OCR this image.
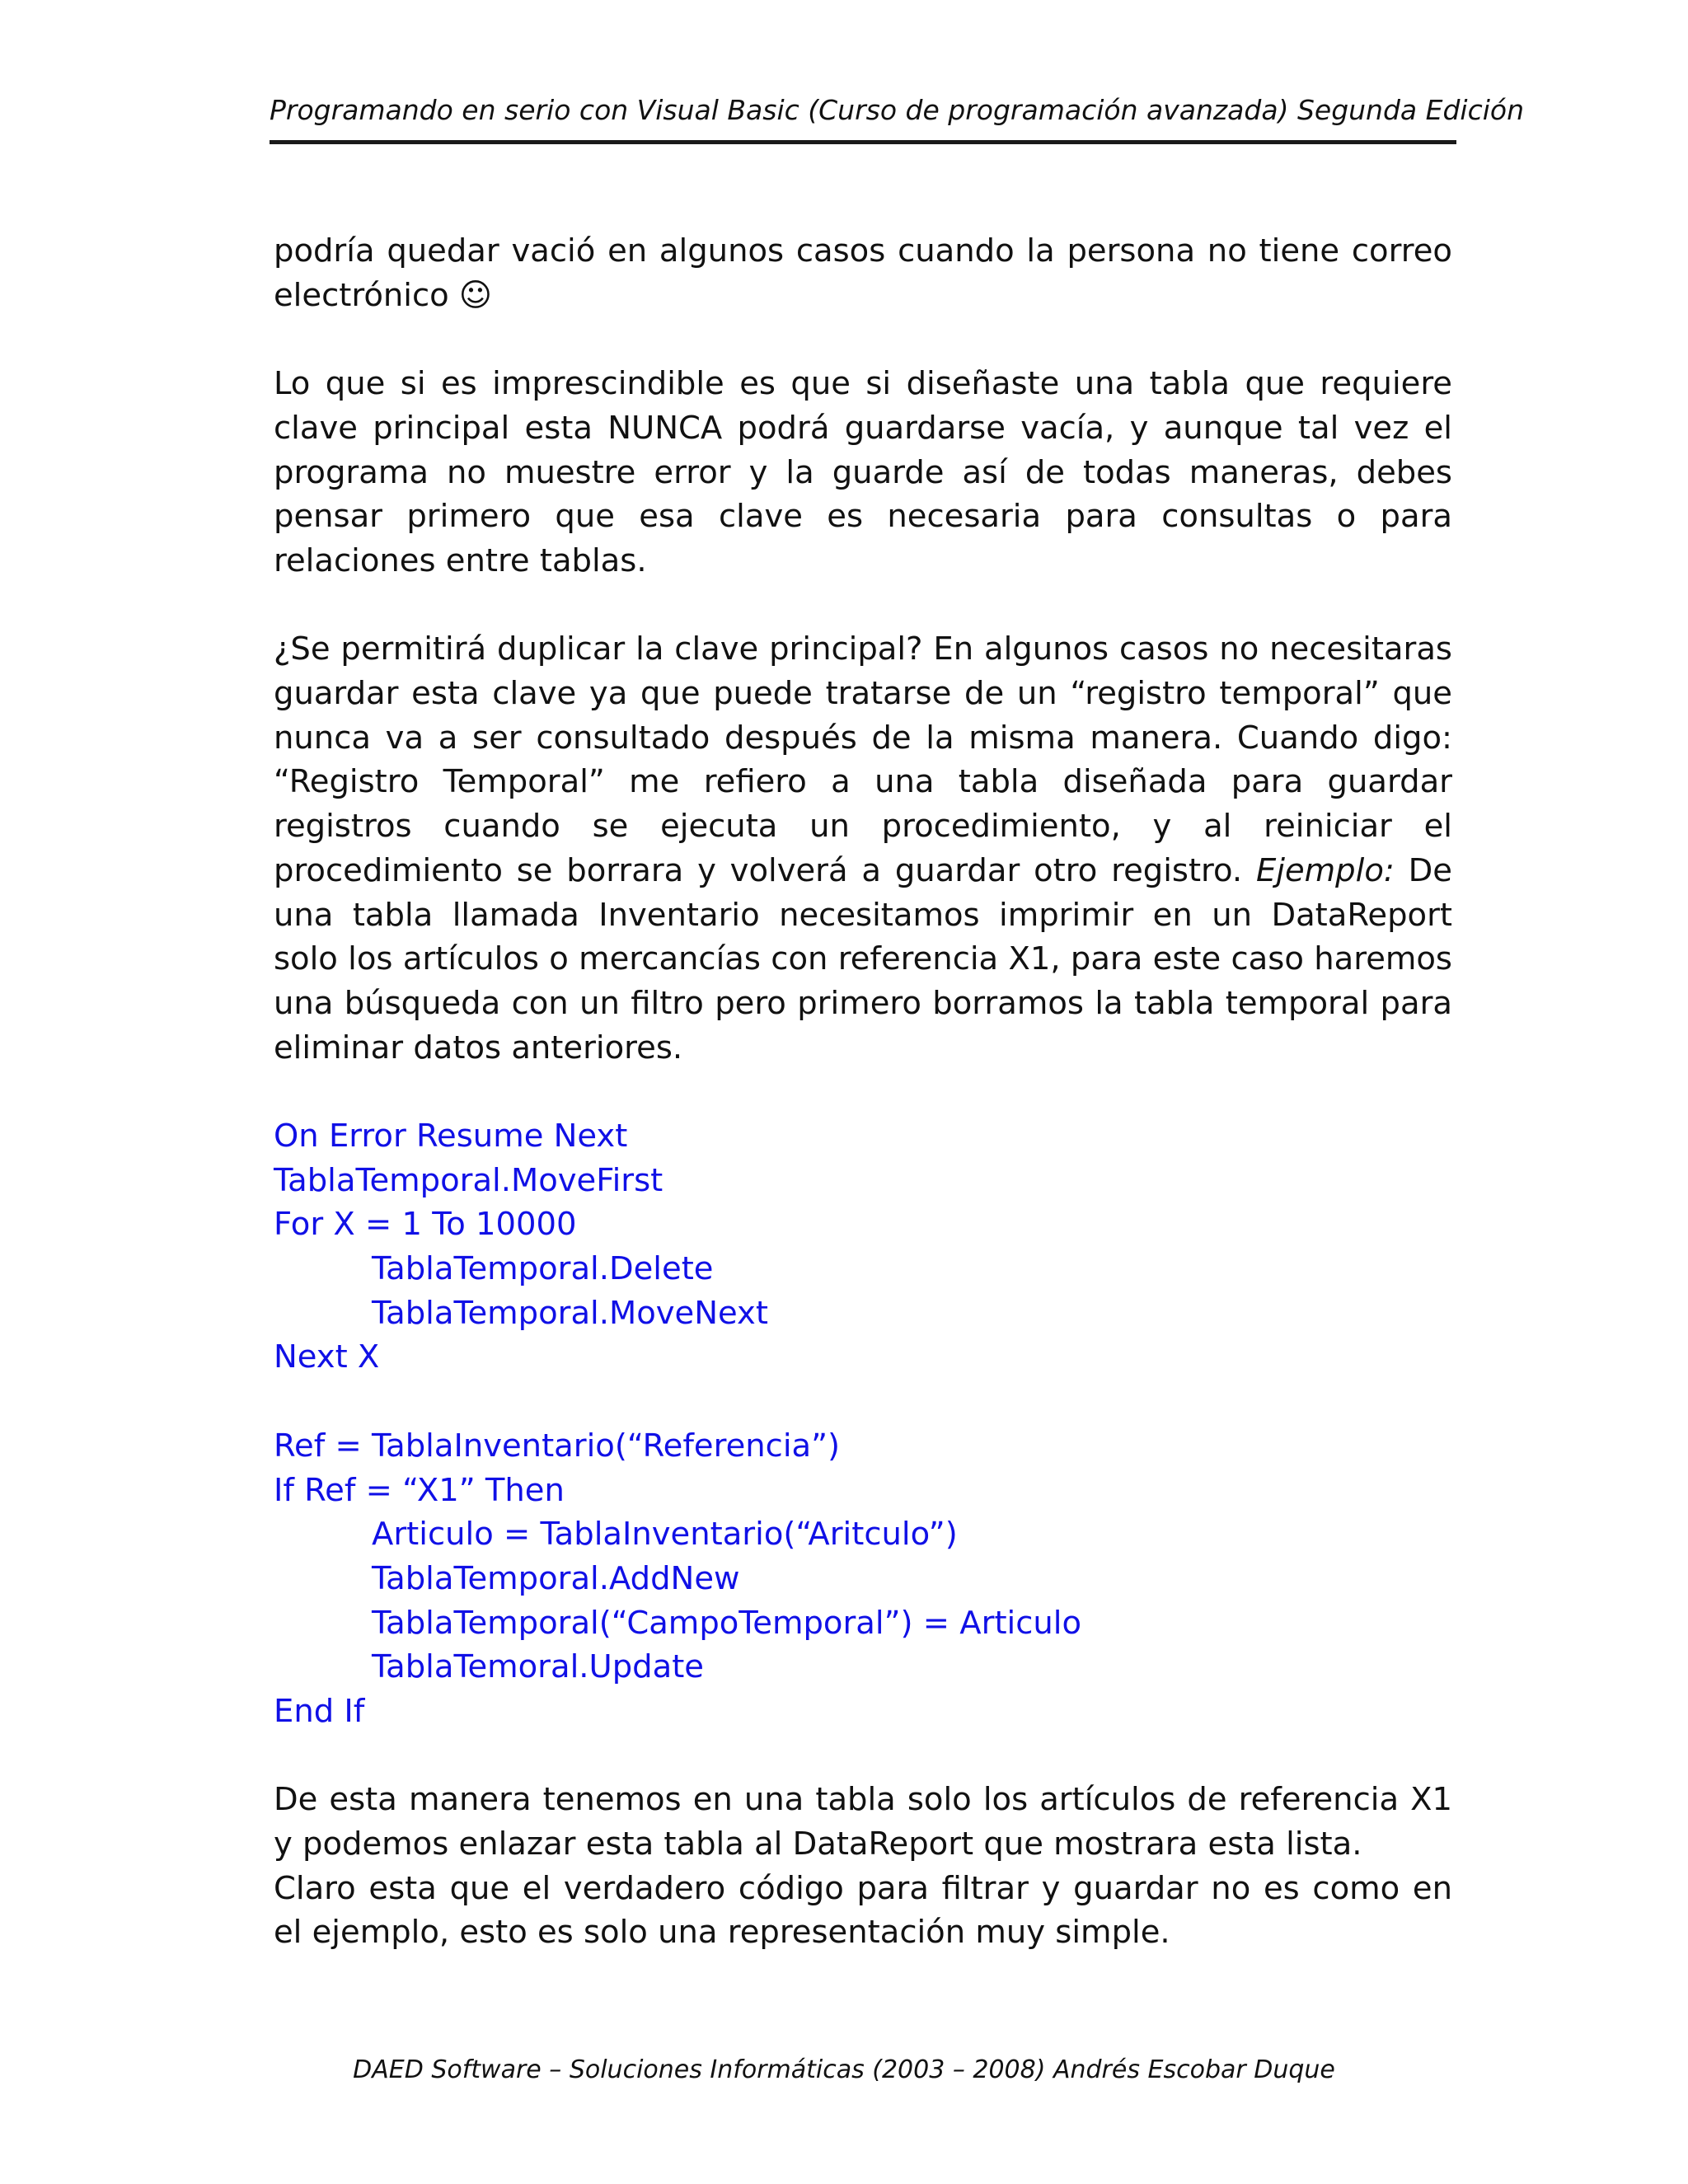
Programando en serio con Visual Basic (Curso de programación avanzada) Segunda Edición

podría quedar vació en algunos casos cuando la persona no tiene correo electrónico ☺

Lo que si es imprescindible es que si diseñaste una tabla que requiere clave principal esta NUNCA podrá guardarse vacía, y aunque tal vez el programa no muestre error y la guarde así de todas maneras, debes pensar primero que esa clave es necesaria para consultas o para relaciones entre tablas.

¿Se permitirá duplicar la clave principal? En algunos casos no necesitaras guardar esta clave ya que puede tratarse de un “registro temporal” que nunca va a ser consultado después de la misma manera. Cuando digo: “Registro Temporal” me refiero a una tabla diseñada para guardar registros cuando se ejecuta un procedimiento, y al reiniciar el procedimiento se borrara y volverá a guardar otro registro. Ejemplo: De una tabla llamada Inventario necesitamos imprimir en un DataReport solo los artículos o mercancías con referencia X1, para este caso haremos una búsqueda con un filtro pero primero borramos la tabla temporal para eliminar datos anteriores.

On Error Resume Next
TablaTemporal.MoveFirst
For X = 1 To 10000
TablaTemporal.Delete
TablaTemporal.MoveNext
Next X
Ref = TablaInventario(“Referencia”)
If Ref = “X1” Then
Articulo = TablaInventario(“Aritculo”)
TablaTemporal.AddNew
TablaTemporal(“CampoTemporal”) = Articulo
TablaTemoral.Update
End If

De esta manera tenemos en una tabla solo los artículos de referencia X1 y podemos enlazar esta tabla al DataReport que mostrara esta lista.

Claro esta que el verdadero código para filtrar y guardar no es como en el ejemplo, esto es solo una representación muy simple.

DAED Software – Soluciones Informáticas (2003 – 2008) Andrés Escobar Duque
